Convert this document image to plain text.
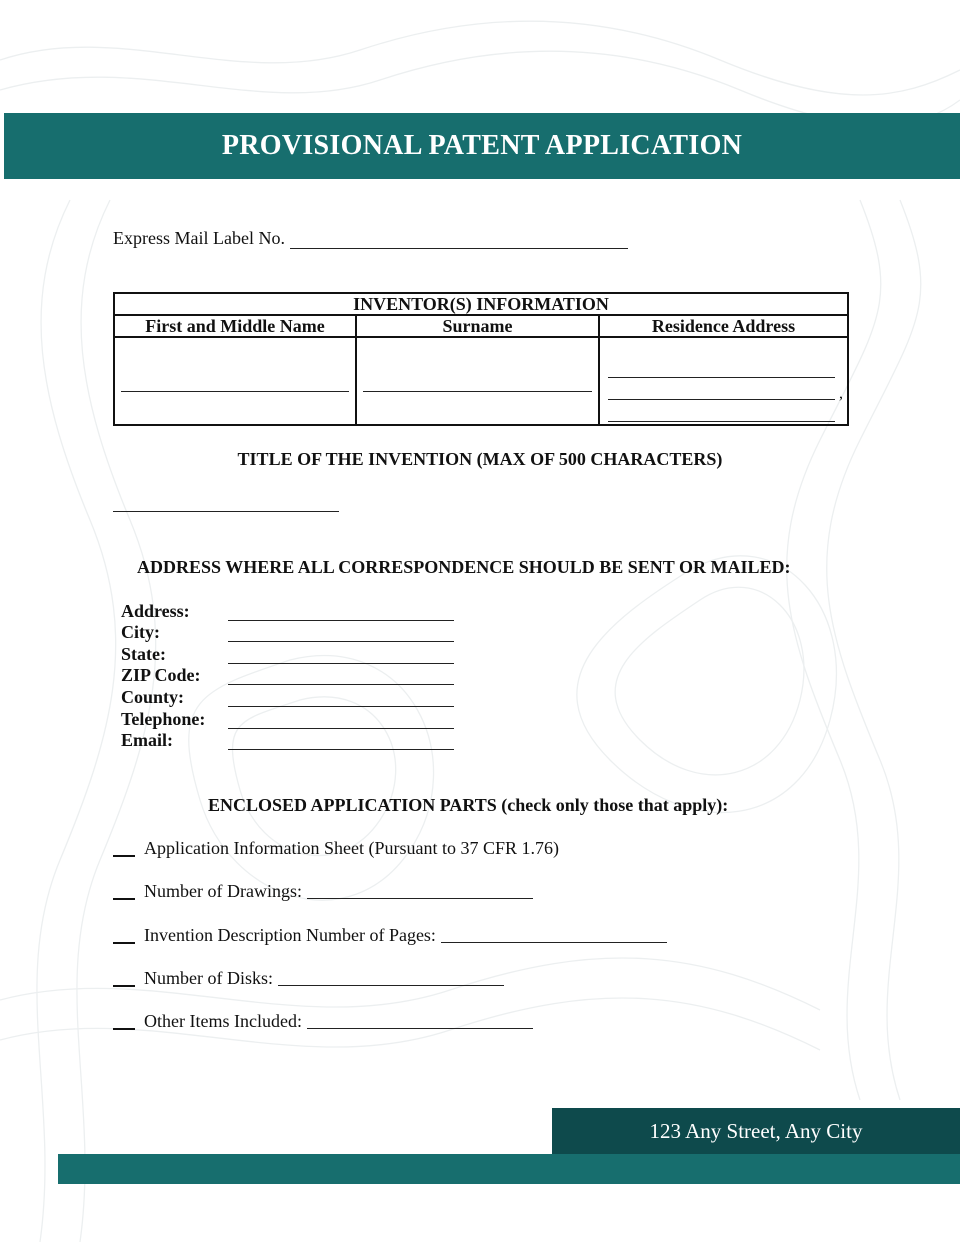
PROVISIONAL PATENT APPLICATION
Express Mail Label No.
INVENTOR(S) INFORMATION		
First and Middle Name	Surname	Residence Address

		,
TITLE OF THE INVENTION (MAX OF 500 CHARACTERS)
ADDRESS WHERE ALL CORRESPONDENCE SHOULD BE SENT OR MAILED:
Address:
City:
State:
ZIP Code:
County:
Telephone:
Email:
ENCLOSED APPLICATION PARTS (check only those that apply):
Application Information Sheet (Pursuant to 37 CFR 1.76)
Number of Drawings:
Invention Description Number of Pages:
Number of Disks:
Other Items Included:
123 Any Street, Any City
